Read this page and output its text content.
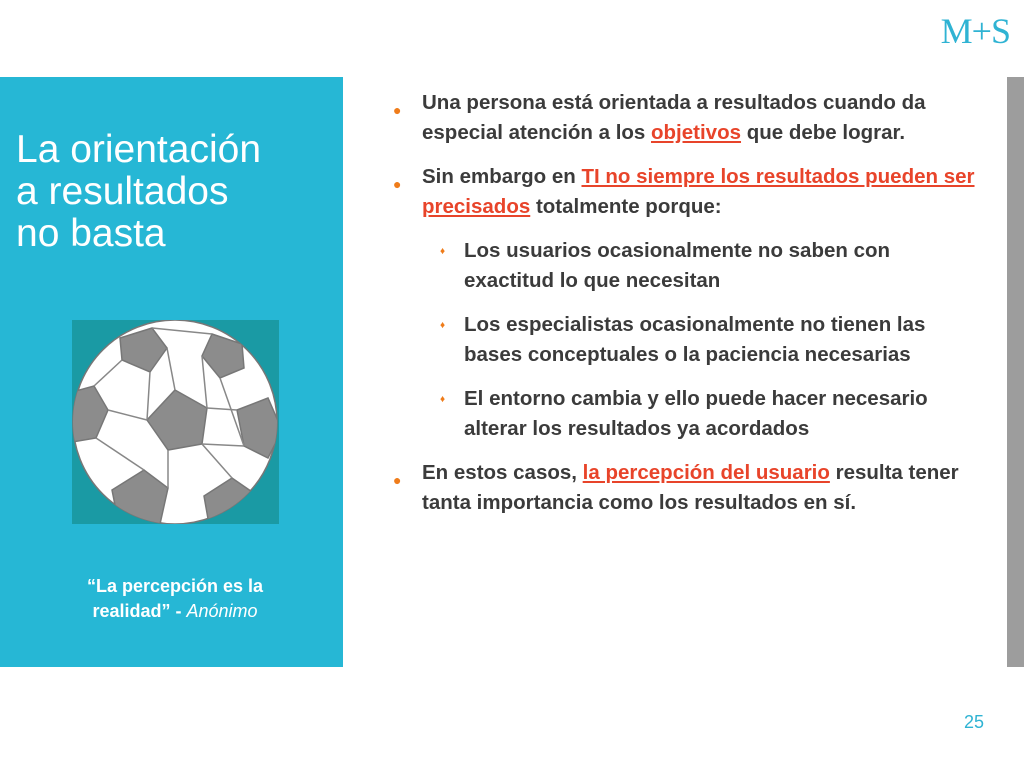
M+S
La orientación
a resultados
no basta
“La percepción es la
realidad” - Anónimo
● Una persona está orientada a resultados cuando da especial atención a los objetivos que debe lograr.
● Sin embargo en TI no siempre los resultados pueden ser precisados totalmente porque:
♦ Los usuarios ocasionalmente no saben con exactitud lo que necesitan
♦ Los especialistas ocasionalmente no tienen las bases conceptuales o la paciencia necesarias
♦ El entorno cambia y ello puede hacer necesario alterar los resultados ya acordados
● En estos casos, la percepción del usuario resulta tener tanta importancia como los resultados en sí.
25
